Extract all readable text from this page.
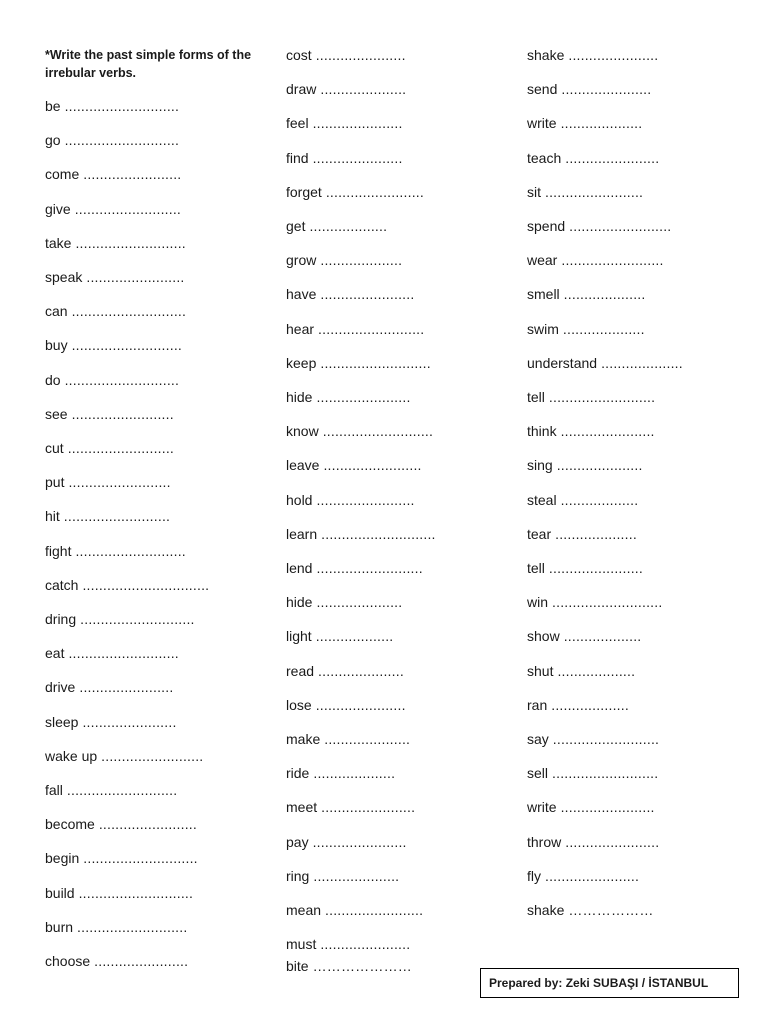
*Write the past simple forms of the irrebular verbs.
be ............................
go ............................
come ........................
give ..........................
take ...........................
speak ........................
can ............................
buy ...........................
do ............................
see .........................
cut ..........................
put .........................
hit ..........................
fight ...........................
catch ...............................
dring ............................
eat ...........................
drive .......................
sleep .......................
wake up .........................
fall ...........................
become ........................
begin ............................
build ............................
burn ...........................
choose .......................
cost ......................
draw .....................
feel ......................
find ......................
forget ........................
get ...................
grow ....................
have .......................
hear ..........................
keep ...........................
hide .......................
know ...........................
leave ........................
hold ........................
learn ............................
lend ..........................
hide .....................
light ...................
read .....................
lose ......................
make .....................
ride ....................
meet .......................
pay .......................
ring .....................
mean ........................
must ......................
bite …………………
shake ......................
send ......................
write ....................
teach .......................
sit ........................
spend .........................
wear .........................
smell ....................
swim ....................
understand ....................
tell ..........................
think .......................
sing .....................
steal ...................
tear ....................
tell .......................
win ...........................
show ...................
shut ...................
ran ...................
say ..........................
sell ..........................
write .......................
throw .......................
fly .......................
shake ………………
Prepared by: Zeki SUBAŞI / İSTANBUL
